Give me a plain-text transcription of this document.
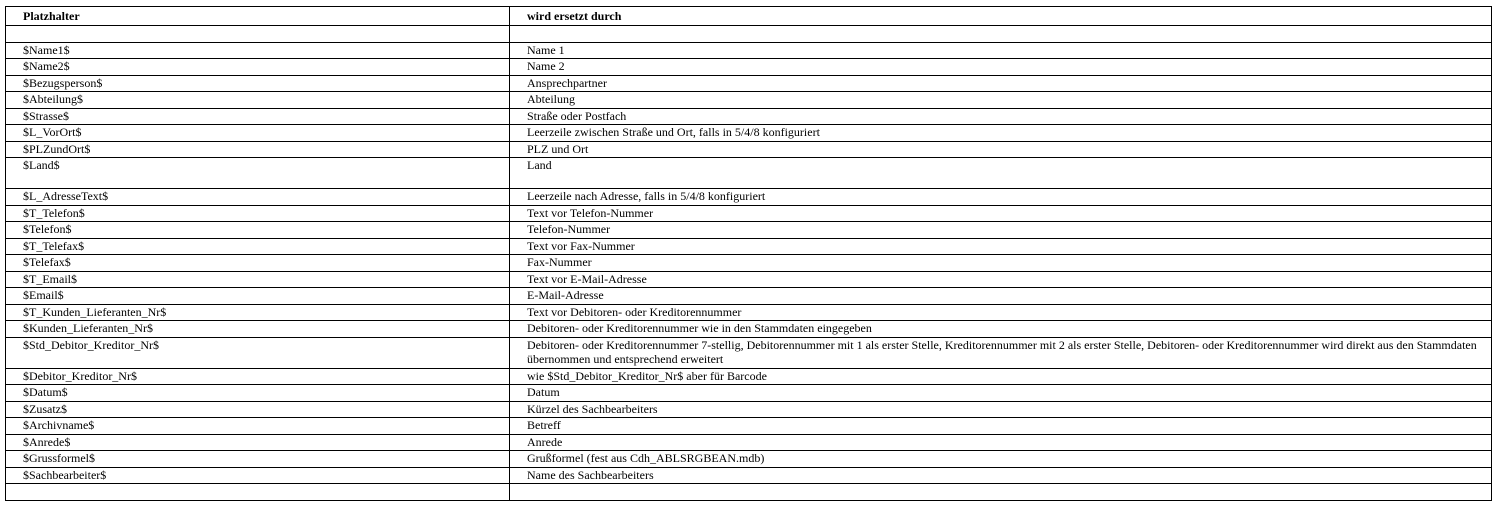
Platzhalter	wird ersetzt durch

$Name1$	Name 1
$Name2$	Name 2
$Bezugsperson$	Ansprechpartner
$Abteilung$	Abteilung
$Strasse$	Straße oder Postfach
$L_VorOrt$	Leerzeile zwischen Straße und Ort, falls in 5/4/8 konfiguriert
$PLZundOrt$	PLZ und Ort
$Land$	Land
$L_AdresseText$	Leerzeile nach Adresse, falls in 5/4/8 konfiguriert
$T_Telefon$	Text vor Telefon-Nummer
$Telefon$	Telefon-Nummer
$T_Telefax$	Text vor Fax-Nummer
$Telefax$	Fax-Nummer
$T_Email$	Text vor E-Mail-Adresse
$Email$	E-Mail-Adresse
$T_Kunden_Lieferanten_Nr$	Text vor Debitoren- oder Kreditorennummer
$Kunden_Lieferanten_Nr$	Debitoren- oder Kreditorennummer wie in den Stammdaten eingegeben
$Std_Debitor_Kreditor_Nr$	Debitoren- oder Kreditorennummer 7-stellig, Debitorennummer mit 1 als erster Stelle, Kreditorennummer mit 2 als erster Stelle, Debitoren- oder Kreditorennummer wird direkt aus den Stammdaten übernommen und entsprechend erweitert
$Debitor_Kreditor_Nr$	wie $Std_Debitor_Kreditor_Nr$ aber für Barcode
$Datum$	Datum
$Zusatz$	Kürzel des Sachbearbeiters
$Archivname$	Betreff
$Anrede$	Anrede
$Grussformel$	Grußformel (fest aus Cdh_ABLSRGBEAN.mdb)
$Sachbearbeiter$	Name des Sachbearbeiters
